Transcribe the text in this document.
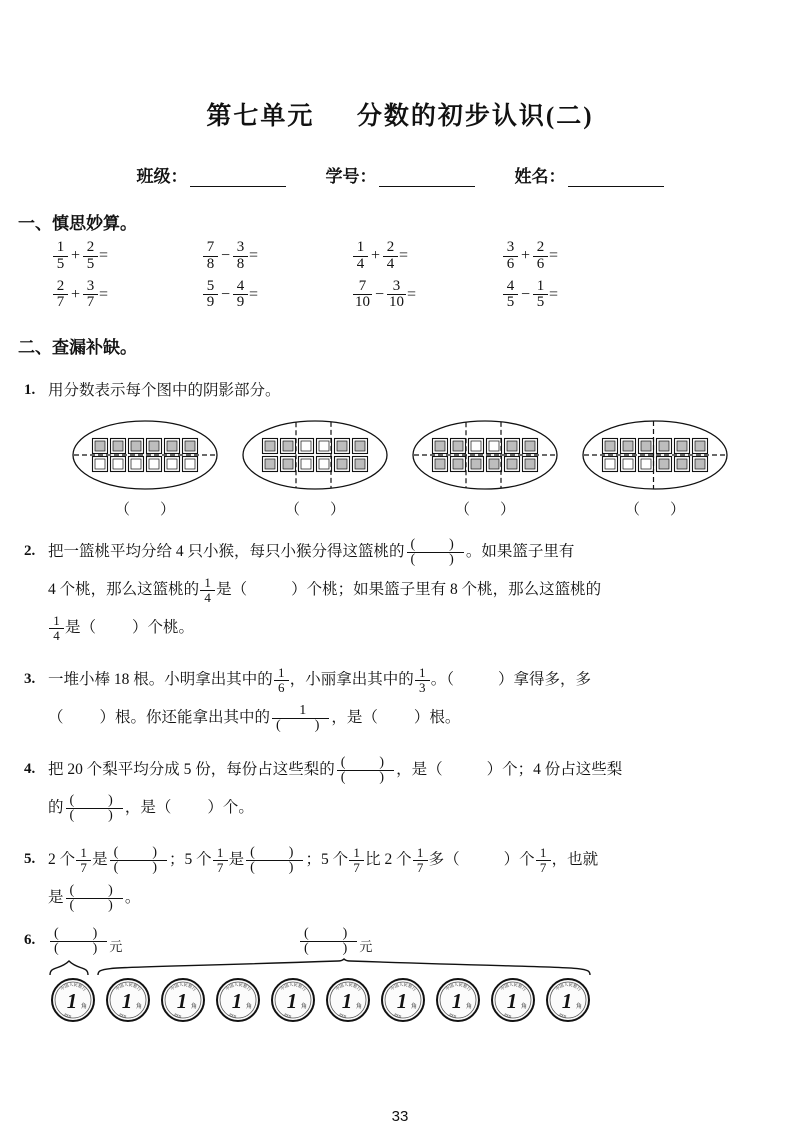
第七单元 分数的初步认识(二)
班级：	学号：	姓名：
一、慎思妙算。
$\frac{1}{5} + \frac{2}{5}$ =	$\frac{7}{8} - \frac{3}{8}$ =	$\frac{1}{4} + \frac{2}{4}$ =	$\frac{3}{6} + \frac{2}{6}$ =
$\frac{2}{7} + \frac{3}{7}$ =	$\frac{5}{9} - \frac{4}{9}$ =	$\frac{7}{10} - \frac{3}{10}$ =	$\frac{4}{5} - \frac{1}{5}$ =
二、查漏补缺。
1. 用分数表示每个图中的阴影部分。
（　　）	（　　）	（　　）	（　　）
2. 把一篮桃平均分给 4 只小猴，每只小猴分得这篮桃的 $\frac{( )}{( )}$ 。如果篮子里有
4 个桃，那么这篮桃的 $\frac{1}{4}$ 是（	）个桃；如果篮子里有 8 个桃，那么这篮桃的
$\frac{1}{4}$ 是（ ）个桃。
3. 一堆小棒 18 根。小明拿出其中的 $\frac{1}{6}$ ，小丽拿出其中的 $\frac{1}{3}$ 。（	）拿得多，多
（ ）根。你还能拿出其中的 $\frac{1}{( )}$ ，是（ ）根。
4. 把 20 个梨平均分成 5 份，每份占这些梨的 $\frac{( )}{( )}$ ，是（	）个；4 份占这些梨
的 $\frac{( )}{( )}$ ，是（ ）个。
5. 2 个 $\frac{1}{7}$ 是 $\frac{( )}{( )}$ ；5 个 $\frac{1}{7}$ 是 $\frac{( )}{( )}$ ；5 个 $\frac{1}{7}$ 比 2 个 $\frac{1}{7}$ 多（	）个 $\frac{1}{7}$ ，也就
是 $\frac{( )}{( )}$ 。
6. $\frac{( )}{( )}$ 元	$\frac{( )}{( )}$ 元
中国人民银行
1 角
2005
中国人民银行
1 角
2005
中国人民银行
1 角
2005
中国人民银行
1 角
2005
中国人民银行
1 角
2005
中国人民银行
1 角
2005
中国人民银行
1 角
2005
中国人民银行
1 角
2005
中国人民银行
1 角
2005
中国人民银行
1 角
2005
33
